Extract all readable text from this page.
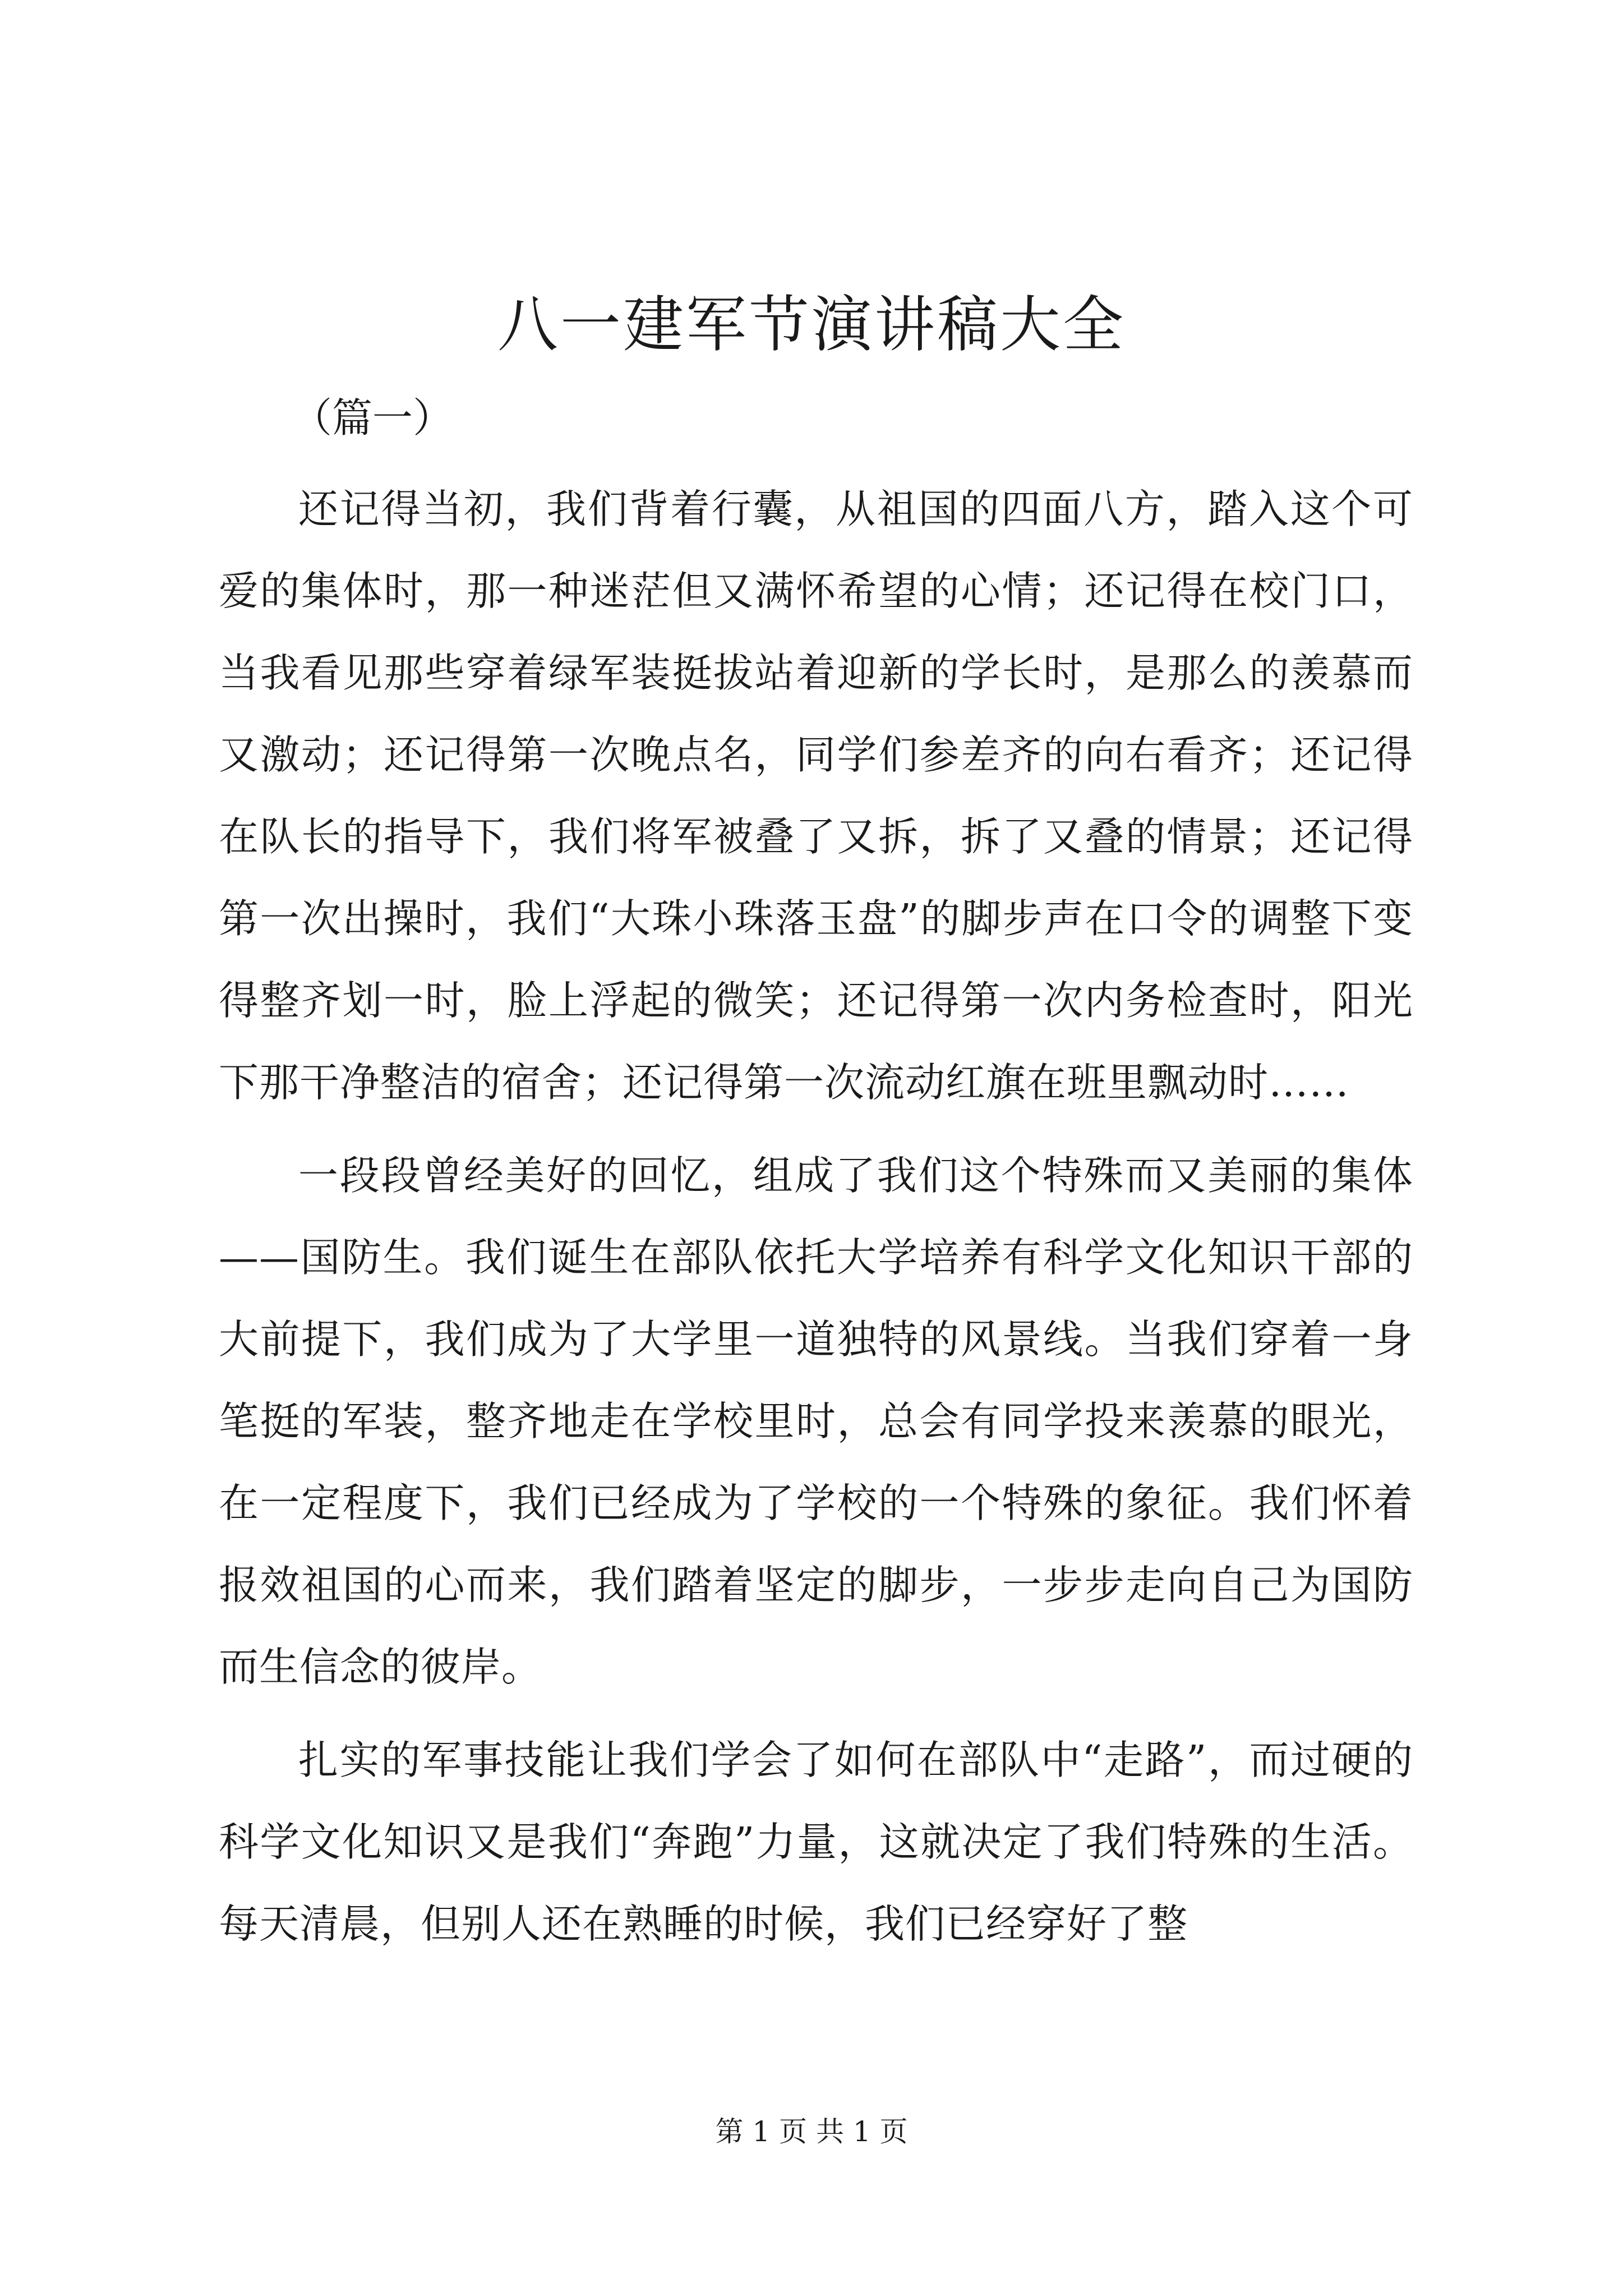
八一建军节演讲稿大全
（篇一）

还记得当初，我们背着行囊，从祖国的四面八方，踏入这个可爱的集体时，那一种迷茫但又满怀希望的心情；还记得在校门口，当我看见那些穿着绿军装挺拔站着迎新的学长时，是那么的羡慕而又激动；还记得第一次晚点名，同学们参差齐的向右看齐；还记得在队长的指导下，我们将军被叠了又拆，拆了又叠的情景；还记得第一次出操时，我们“大珠小珠落玉盘”的脚步声在口令的调整下变得整齐划一时，脸上浮起的微笑；还记得第一次内务检查时，阳光下那干净整洁的宿舍；还记得第一次流动红旗在班里飘动时……

一段段曾经美好的回忆，组成了我们这个特殊而又美丽的集体——国防生。我们诞生在部队依托大学培养有科学文化知识干部的大前提下，我们成为了大学里一道独特的风景线。当我们穿着一身笔挺的军装，整齐地走在学校里时，总会有同学投来羡慕的眼光，在一定程度下，我们已经成为了学校的一个特殊的象征。我们怀着报效祖国的心而来，我们踏着坚定的脚步，一步步走向自己为国防而生信念的彼岸。

扎实的军事技能让我们学会了如何在部队中“走路”，而过硬的科学文化知识又是我们“奔跑”力量，这就决定了我们特殊的生活。每天清晨，但别人还在熟睡的时候，我们已经穿好了整

第 1 页 共 1 页
